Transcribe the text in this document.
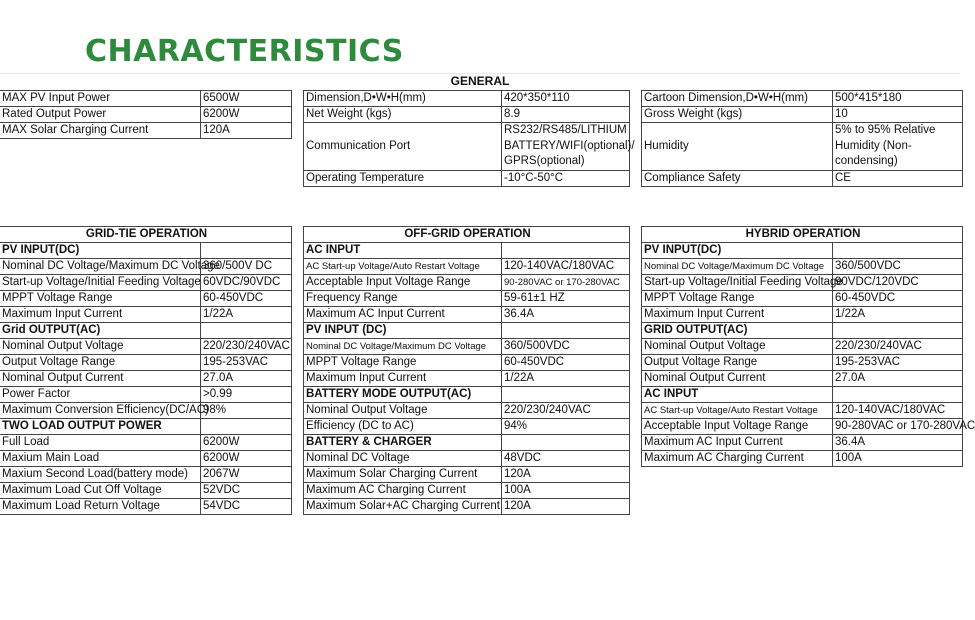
CHARACTERISTICS
GENERAL
MAX PV Input Power	6500W
Rated Output Power	6200W
MAX Solar Charging Current	120A
Dimension,D•W•H(mm)	420*350*110
Net Weight (kgs)	8.9
Communication Port	RS232/RS485/LITHIUM BATTERY/WIFI(optional)/ GPRS(optional)
Operating Temperature	-10°C-50°C
Cartoon Dimension,D•W•H(mm)	500*415*180
Gross Weight (kgs)	10
Humidity	5% to 95% Relative Humidity (Non-condensing)
Compliance Safety	CE
GRID-TIE OPERATION	
PV INPUT(DC)	
Nominal DC Voltage/Maximum DC Voltage	360/500V DC
Start-up Voltage/Initial Feeding Voltage	60VDC/90VDC
MPPT Voltage Range	60-450VDC
Maximum Input Current	1/22A
Grid OUTPUT(AC)	
Nominal Output Voltage	220/230/240VAC
Output Voltage Range	195-253VAC
Nominal Output Current	27.0A
Power Factor	>0.99
Maximum Conversion Efficiency(DC/AC)	98%
TWO LOAD OUTPUT POWER	
Full Load	6200W
Maxium Main Load	6200W
Maxium Second Load(battery mode)	2067W
Maximum Load Cut Off Voltage	52VDC
Maximum Load Return Voltage	54VDC
OFF-GRID OPERATION	
AC INPUT	
AC Start-up Voltage/Auto Restart Voltage	120-140VAC/180VAC
Acceptable Input Voltage Range	90-280VAC or 170-280VAC
Frequency Range	59-61±1 HZ
Maximum AC Input Current	36.4A
PV INPUT (DC)	
Nominal DC Voltage/Maximum DC Voltage	360/500VDC
MPPT Voltage Range	60-450VDC
Maximum Input Current	1/22A
BATTERY MODE OUTPUT(AC)	
Nominal Output Voltage	220/230/240VAC
Efficiency (DC to AC)	94%
BATTERY & CHARGER	
Nominal DC Voltage	48VDC
Maximum Solar Charging Current	120A
Maximum AC Charging Current	100A
Maximum Solar+AC Charging Current	120A
HYBRID OPERATION	
PV INPUT(DC)	
Nominal DC Voltage/Maximum DC Voltage	360/500VDC
Start-up Voltage/Initial Feeding Voltage	90VDC/120VDC
MPPT Voltage Range	60-450VDC
Maximum Input Current	1/22A
GRID OUTPUT(AC)	
Nominal Output Voltage	220/230/240VAC
Output Voltage Range	195-253VAC
Nominal Output Current	27.0A
AC INPUT	
AC Start-up Voltage/Auto Restart Voltage	120-140VAC/180VAC
Acceptable Input Voltage Range	90-280VAC or 170-280VAC
Maximum AC Input Current	36.4A
Maximum AC Charging Current	100A
